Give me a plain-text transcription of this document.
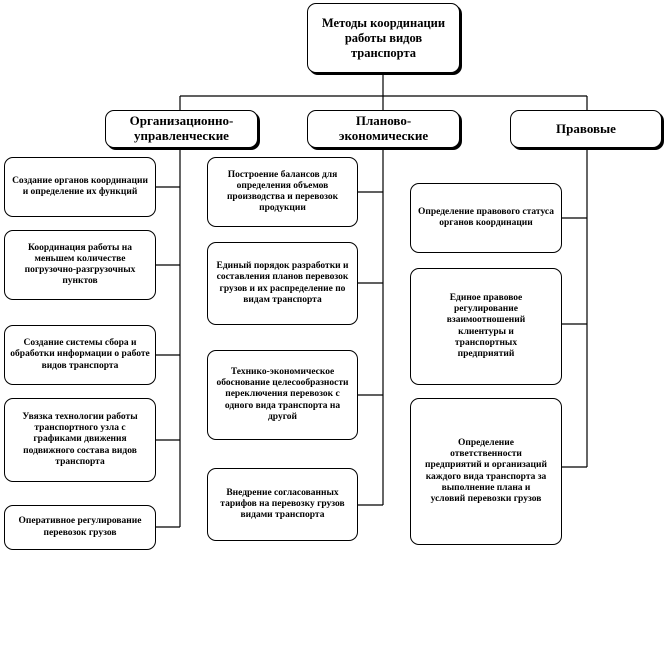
Методы координации работы видов транспорта
Организационно-управленческие
Планово-экономические	Правовые
Создание органов координации и определение их функций
Координация работы на меньшем количестве погрузочно-разгрузочных пунктов
Создание системы сбора и обработки информации о работе видов транспорта
Увязка технологии работы транспортного узла с графиками движения подвижного состава видов транспорта
Оперативное регулирование перевозок грузов
Построение балансов для определения объемов производства и перевозок продукции
Единый порядок разработки и составления планов перевозок грузов и их распределение по видам транспорта
Технико-экономическое обоснование целесообразности переключения перевозок с одного вида транспорта на другой
Внедрение согласованных тарифов на перевозку грузов видами транспорта
Определение правового статуса органов координации
Единое правовое регулирование взаимоотношений клиентуры и транспортных предприятий
Определение ответственности предприятий и организаций каждого вида транспорта за выполнение плана и условий перевозки грузов
